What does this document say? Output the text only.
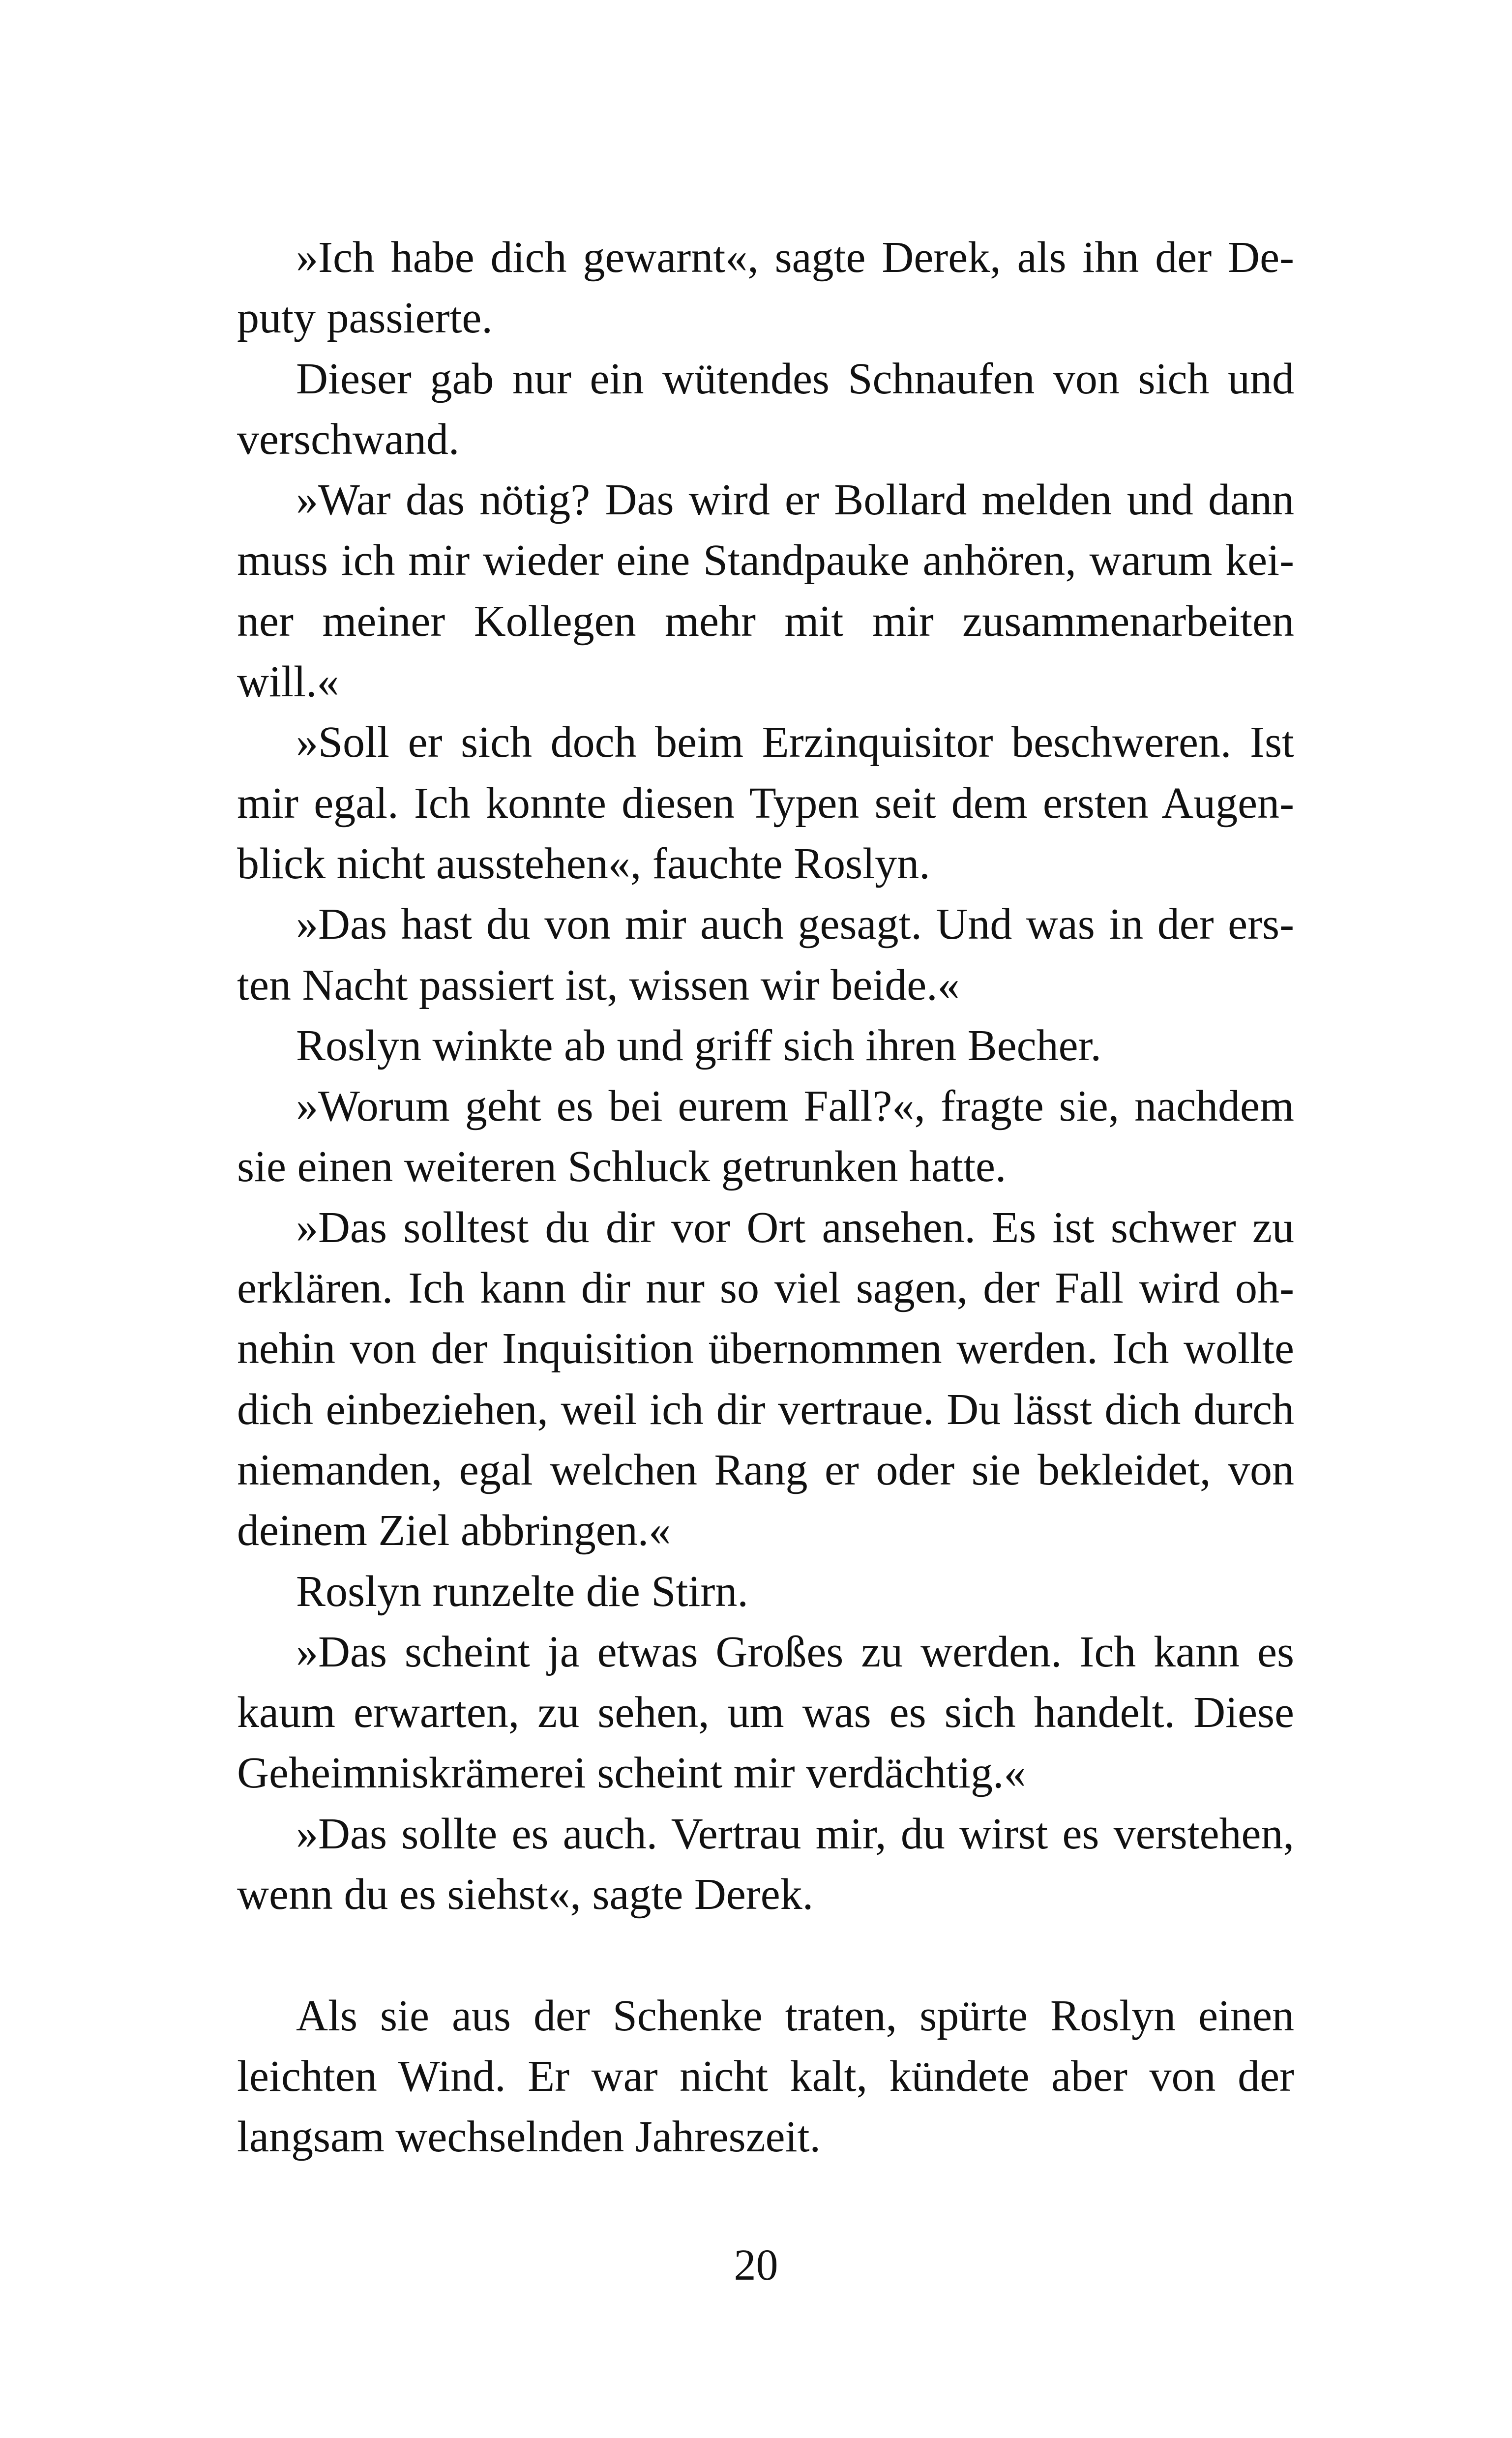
»Ich habe dich gewarnt«, sagte Derek, als ihn der De-
puty passierte.
Dieser gab nur ein wütendes Schnaufen von sich und
verschwand.
»War das nötig? Das wird er Bollard melden und dann
muss ich mir wieder eine Standpauke anhören, warum kei-
ner meiner Kollegen mehr mit mir zusammenarbeiten
will.«
»Soll er sich doch beim Erzinquisitor beschweren. Ist
mir egal. Ich konnte diesen Typen seit dem ersten Augen-
blick nicht ausstehen«, fauchte Roslyn.
»Das hast du von mir auch gesagt. Und was in der ers-
ten Nacht passiert ist, wissen wir beide.«
Roslyn winkte ab und griff sich ihren Becher.
»Worum geht es bei eurem Fall?«, fragte sie, nachdem
sie einen weiteren Schluck getrunken hatte.
»Das solltest du dir vor Ort ansehen. Es ist schwer zu
erklären. Ich kann dir nur so viel sagen, der Fall wird oh-
nehin von der Inquisition übernommen werden. Ich wollte
dich einbeziehen, weil ich dir vertraue. Du lässt dich durch
niemanden, egal welchen Rang er oder sie bekleidet, von
deinem Ziel abbringen.«
Roslyn runzelte die Stirn.
»Das scheint ja etwas Großes zu werden. Ich kann es
kaum erwarten, zu sehen, um was es sich handelt. Diese
Geheimniskrämerei scheint mir verdächtig.«
»Das sollte es auch. Vertrau mir, du wirst es verstehen,
wenn du es siehst«, sagte Derek.
Als sie aus der Schenke traten, spürte Roslyn einen
leichten Wind. Er war nicht kalt, kündete aber von der
langsam wechselnden Jahreszeit.
20
